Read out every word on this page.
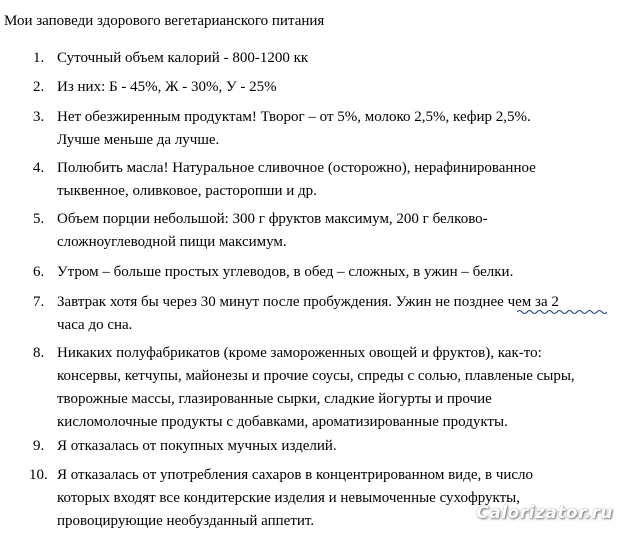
Мои заповеди здорового вегетарианского питания
1. Суточный объем калорий - 800-1200 кк
2. Из них: Б - 45%, Ж - 30%, У - 25%
3. Нет обезжиренным продуктам! Творог – от 5%, молоко 2,5%, кефир 2,5%.
Лучше меньше да лучше.
4. Полюбить масла! Натуральное сливочное (осторожно), нерафинированное
тыквенное, оливковое, расторопши и др.
5. Объем порции небольшой: 300 г фруктов максимум, 200 г белково-
сложноуглеводной пищи максимум.
6. Утром – больше простых углеводов, в обед – сложных, в ужин – белки.
7. Завтрак хотя бы через 30 минут после пробуждения. Ужин не позднее чем за 2
часа до сна.
8. Никаких полуфабрикатов (кроме замороженных овощей и фруктов), как-то:
консервы, кетчупы, майонезы и прочие соусы, спреды с солью, плавленые сыры,
творожные массы, глазированные сырки, сладкие йогурты и прочие
кисломолочные продукты с добавками, ароматизированные продукты.
9. Я отказалась от покупных мучных изделий.
10. Я отказалась от употребления сахаров в концентрированном виде, в число
которых входят все кондитерские изделия и невымоченные сухофрукты,
провоцирующие необузданный аппетит.	Calorizator.ru
